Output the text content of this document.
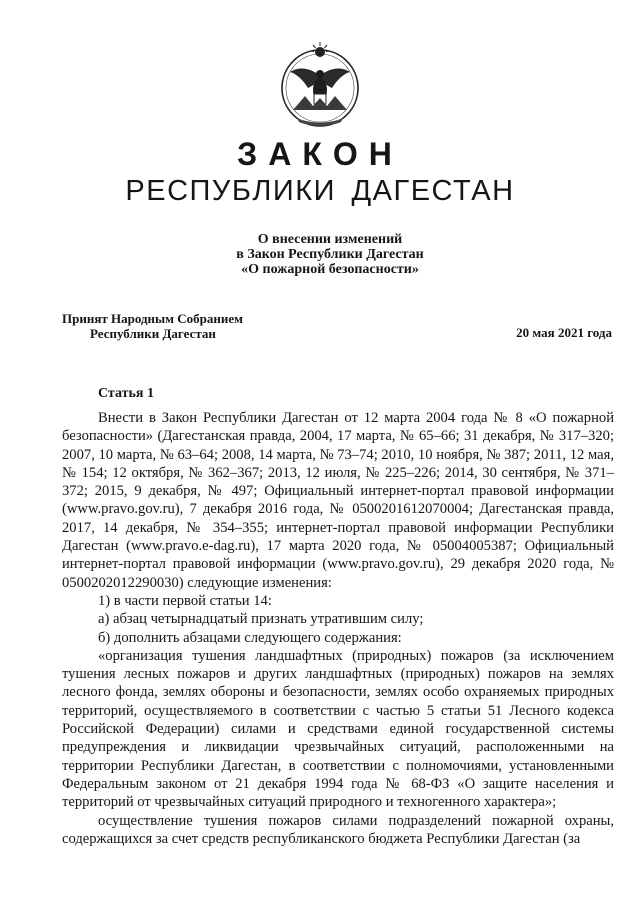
ЗАКОН
РЕСПУБЛИКИ ДАГЕСТАН
О внесении изменений
в Закон Республики Дагестан
«О пожарной безопасности»
Принят Народным Собранием
Республики Дагестан	20 мая 2021 года
Статья 1

Внести в Закон Республики Дагестан от 12 марта 2004 года № 8 «О пожарной безопасности» (Дагестанская правда, 2004, 17 марта, № 65–66; 31 декабря, № 317–320; 2007, 10 марта, № 63–64; 2008, 14 марта, № 73–74; 2010, 10 ноября, № 387; 2011, 12 мая, № 154; 12 октября, № 362–367; 2013, 12 июля, № 225–226; 2014, 30 сентября, № 371–372; 2015, 9 декабря, № 497; Официальный интернет-портал правовой информации (www.pravo.gov.ru), 7 декабря 2016 года, № 0500201612070004; Дагестанская правда, 2017, 14 декабря, № 354–355; интернет-портал правовой информации Республики Дагестан (www.pravo.e-dag.ru), 17 марта 2020 года, № 05004005387; Официальный интернет-портал правовой информации (www.pravo.gov.ru), 29 декабря 2020 года, № 0500202012290030) следующие изменения:

1) в части первой статьи 14:

а) абзац четырнадцатый признать утратившим силу;

б) дополнить абзацами следующего содержания:

«организация тушения ландшафтных (природных) пожаров (за исключением тушения лесных пожаров и других ландшафтных (природных) пожаров на землях лесного фонда, землях обороны и безопасности, землях особо охраняемых природных территорий, осуществляемого в соответствии с частью 5 статьи 51 Лесного кодекса Российской Федерации) силами и средствами единой государственной системы предупреждения и ликвидации чрезвычайных ситуаций, расположенными на территории Республики Дагестан, в соответствии с полномочиями, установленными Федеральным законом от 21 декабря 1994 года № 68-ФЗ «О защите населения и территорий от чрезвычайных ситуаций природного и техногенного характера»;

осуществление тушения пожаров силами подразделений пожарной охраны, содержащихся за счет средств республиканского бюджета Республики Дагестан (за
